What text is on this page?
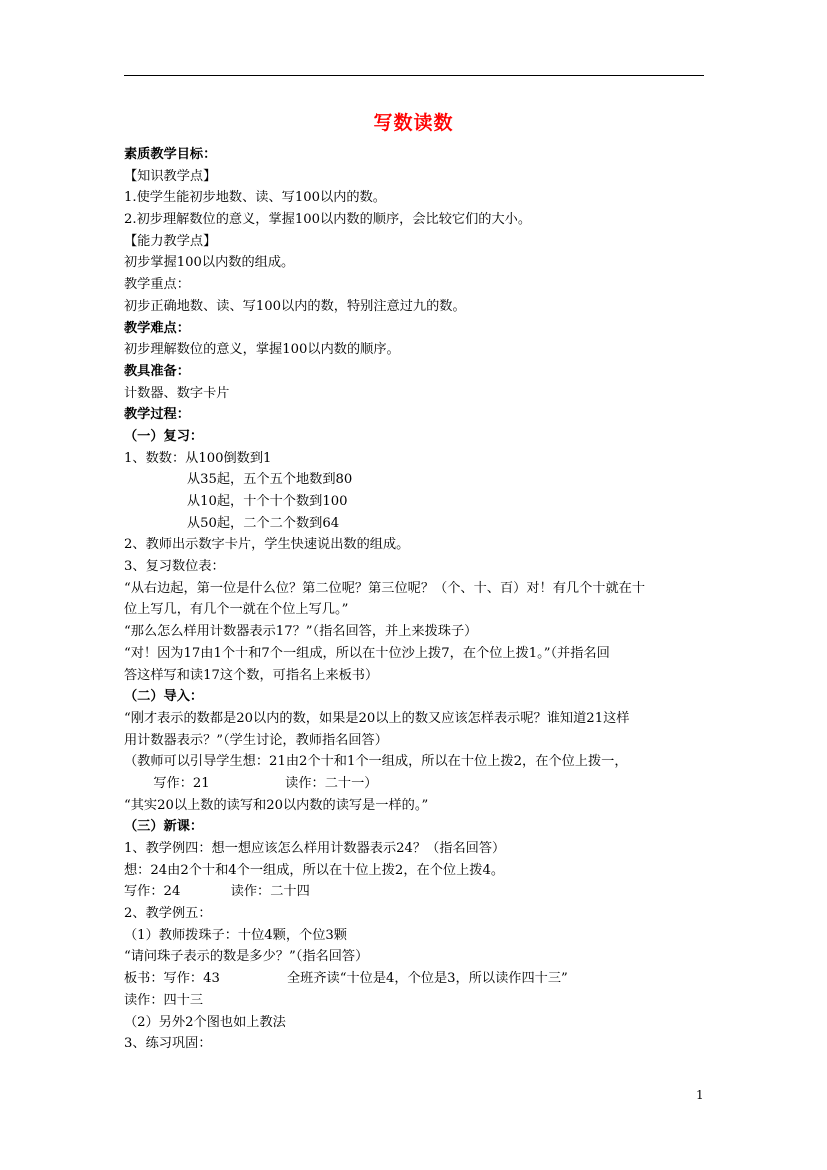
写数读数
素质教学目标：
【知识教学点】
1.使学生能初步地数、读、写100以内的数。
2.初步理解数位的意义，掌握100以内数的顺序，会比较它们的大小。
【能力教学点】
初步掌握100以内数的组成。
教学重点：
初步正确地数、读、写100以内的数，特别注意过九的数。
教学难点：
初步理解数位的意义，掌握100以内数的顺序。
教具准备：
计数器、数字卡片
教学过程：
（一）复习：
1、数数：从100倒数到1
从35起，五个五个地数到80
从10起，十个十个数到100
从50起，二个二个数到64
2、教师出示数字卡片，学生快速说出数的组成。
3、复习数位表：
“从右边起，第一位是什么位？第二位呢？第三位呢？（个、十、百）对！有几个十就在十
位上写几，有几个一就在个位上写几。”
“那么怎么样用计数器表示17？”（指名回答，并上来拨珠子）
“对！因为17由1个十和7个一组成，所以在十位沙上拨7，在个位上拨1。”（并指名回
答这样写和读17这个数，可指名上来板书）
（二）导入：
“刚才表示的数都是20以内的数，如果是20以上的数又应该怎样表示呢？谁知道21这样
用计数器表示？”（学生讨论，教师指名回答）
（教师可以引导学生想：21由2个十和1个一组成，所以在十位上拨2，在个位上拨一，
写作：21                  读作：二十一）
“其实20以上数的读写和20以内数的读写是一样的。”
（三）新课：
1、教学例四：想一想应该怎么样用计数器表示24？（指名回答）
想：24由2个十和4个一组成，所以在十位上拨2，在个位上拨4。
写作：24            读作：二十四
2、教学例五：
（1）教师拨珠子：十位4颗，个位3颗
“请问珠子表示的数是多少？”（指名回答）
板书：写作：43                全班齐读“十位是4，个位是3，所以读作四十三”
读作：四十三
（2）另外2个图也如上教法
3、练习巩固：
1
